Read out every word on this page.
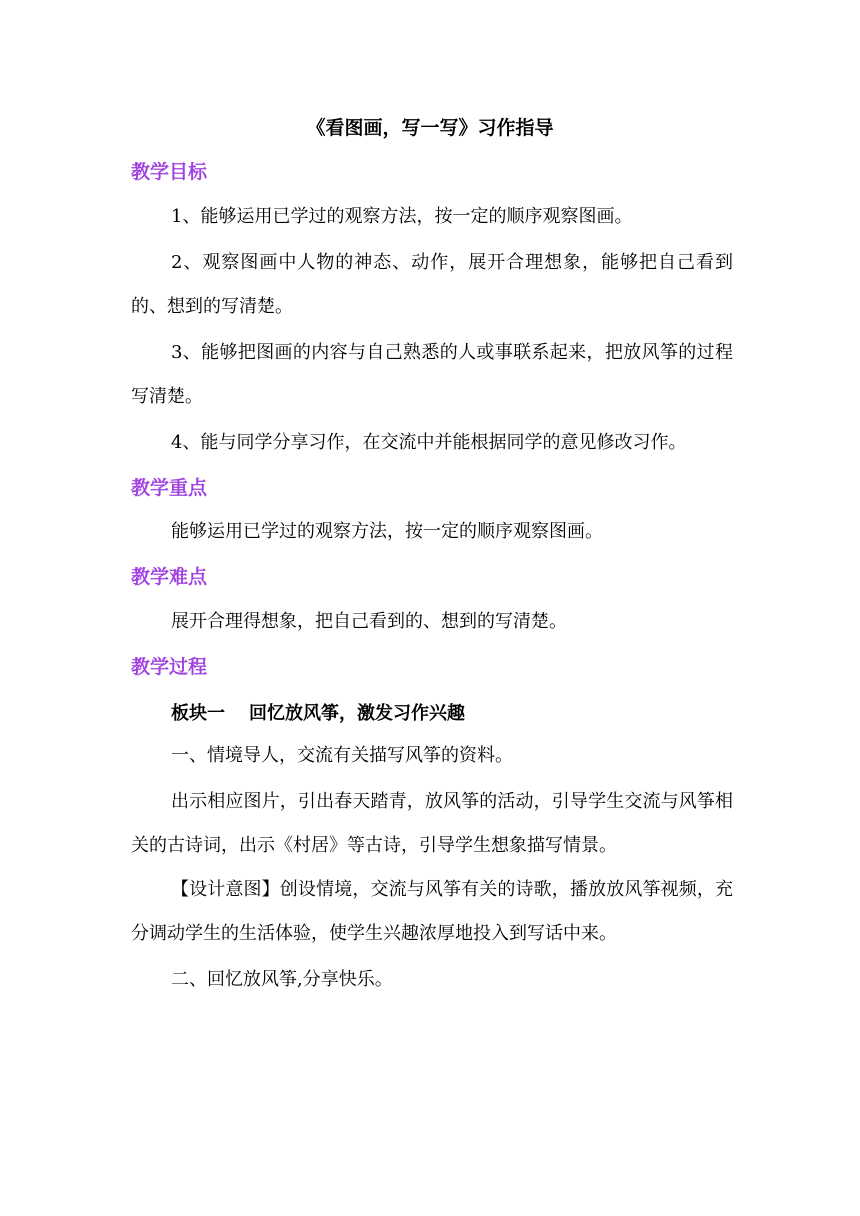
《看图画，写一写》习作指导
教学目标
1、能够运用已学过的观察方法，按一定的顺序观察图画。
2、观察图画中人物的神态、动作，展开合理想象，能够把自己看到的、想到的写清楚。
3、能够把图画的内容与自己熟悉的人或事联系起来，把放风筝的过程写清楚。
4、能与同学分享习作，在交流中并能根据同学的意见修改习作。
教学重点
能够运用已学过的观察方法，按一定的顺序观察图画。
教学难点
展开合理得想象，把自己看到的、想到的写清楚。
教学过程
板块一 回忆放风筝，激发习作兴趣
一、情境导人，交流有关描写风筝的资料。
出示相应图片，引出春天踏青，放风筝的活动，引导学生交流与风筝相关的古诗词，出示《村居》等古诗，引导学生想象描写情景。
【设计意图】创设情境，交流与风筝有关的诗歌，播放放风筝视频，充分调动学生的生活体验，使学生兴趣浓厚地投入到写话中来。
二、回忆放风筝,分享快乐。
